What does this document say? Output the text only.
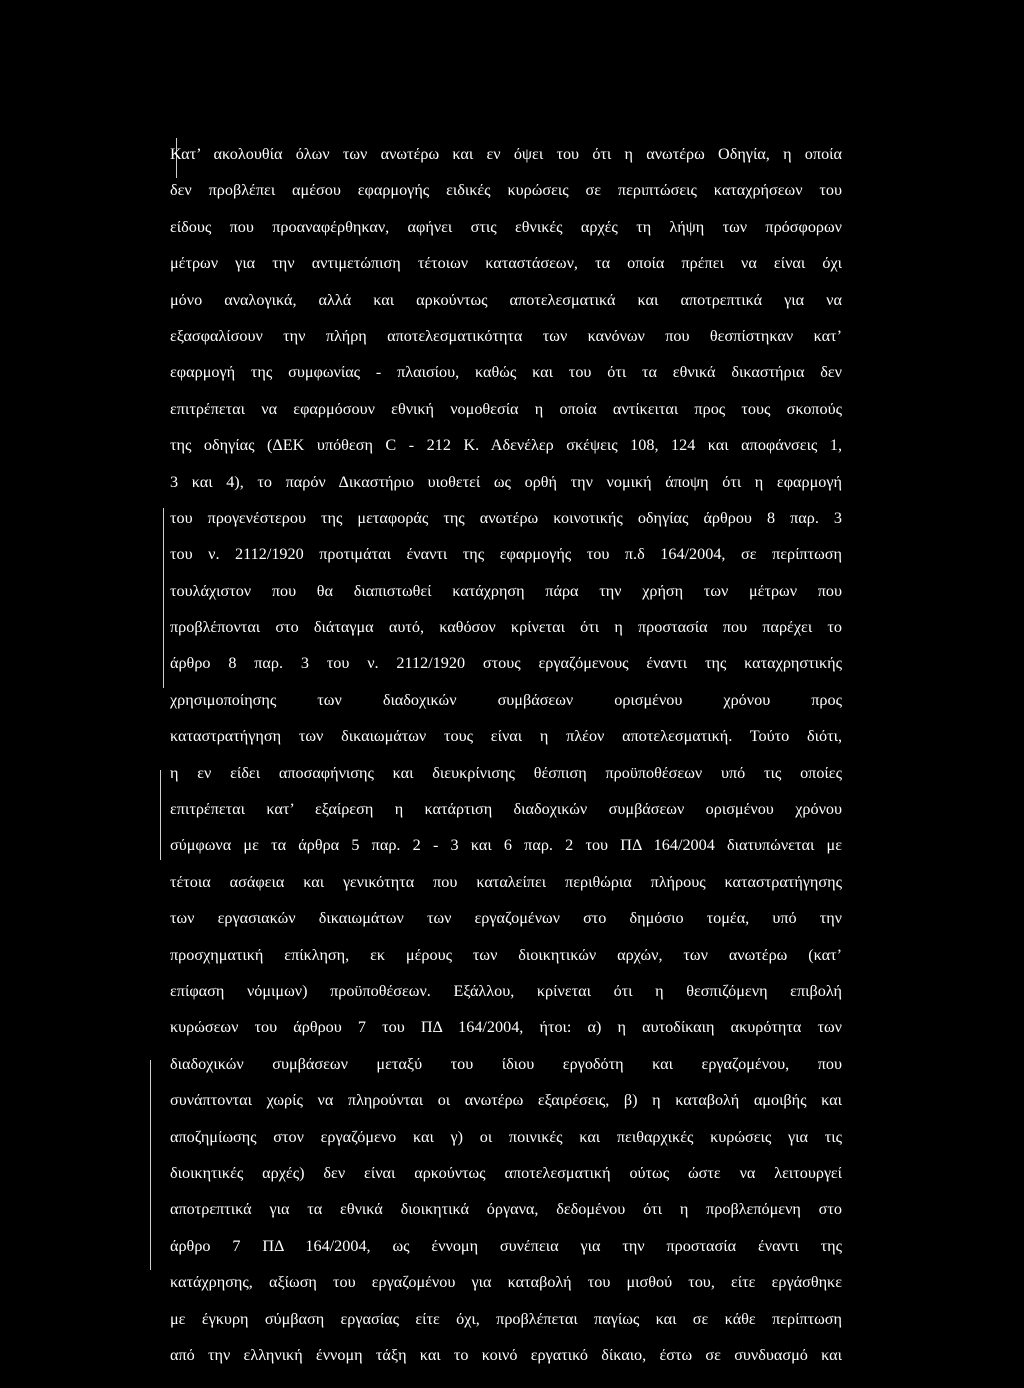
Κατ’ ακολουθία όλων των ανωτέρω και εν όψει του ότι η ανωτέρω Οδηγία, η οποία
δεν προβλέπει αμέσου εφαρμογής ειδικές κυρώσεις σε περιπτώσεις καταχρήσεων του
είδους που προαναφέρθηκαν, αφήνει στις εθνικές αρχές τη λήψη των πρόσφορων
μέτρων για την αντιμετώπιση τέτοιων καταστάσεων, τα οποία πρέπει να είναι όχι
μόνο αναλογικά, αλλά και αρκούντως αποτελεσματικά και αποτρεπτικά για να
εξασφαλίσουν την πλήρη αποτελεσματικότητα των κανόνων που θεσπίστηκαν κατ’
εφαρμογή της συμφωνίας - πλαισίου, καθώς και του ότι τα εθνικά δικαστήρια δεν
επιτρέπεται να εφαρμόσουν εθνική νομοθεσία η οποία αντίκειται προς τους σκοπούς
της οδηγίας (ΔΕΚ υπόθεση C - 212 Κ. Αδενέλερ σκέψεις 108, 124 και αποφάνσεις 1,
3 και 4), το παρόν Δικαστήριο υιοθετεί ως ορθή την νομική άποψη ότι η εφαρμογή
του προγενέστερου της μεταφοράς της ανωτέρω κοινοτικής οδηγίας άρθρου 8 παρ. 3
του ν. 2112/1920 προτιμάται έναντι της εφαρμογής του π.δ 164/2004, σε περίπτωση
τουλάχιστον που θα διαπιστωθεί κατάχρηση πάρα την χρήση των μέτρων που
προβλέπονται στο διάταγμα αυτό, καθόσον κρίνεται ότι η προστασία που παρέχει το
άρθρο 8 παρ. 3 του ν. 2112/1920 στους εργαζόμενους έναντι της καταχρηστικής
χρησιμοποίησης των διαδοχικών συμβάσεων ορισμένου χρόνου προς
καταστρατήγηση των δικαιωμάτων τους είναι η πλέον αποτελεσματική. Τούτο διότι,
η εν είδει αποσαφήνισης και διευκρίνισης θέσπιση προϋποθέσεων υπό τις οποίες
επιτρέπεται κατ’ εξαίρεση η κατάρτιση διαδοχικών συμβάσεων ορισμένου χρόνου
σύμφωνα με τα άρθρα 5 παρ. 2 - 3 και 6 παρ. 2 του ΠΔ 164/2004 διατυπώνεται με
τέτοια ασάφεια και γενικότητα που καταλείπει περιθώρια πλήρους καταστρατήγησης
των εργασιακών δικαιωμάτων των εργαζομένων στο δημόσιο τομέα, υπό την
προσχηματική επίκληση, εκ μέρους των διοικητικών αρχών, των ανωτέρω (κατ’
επίφαση νόμιμων) προϋποθέσεων. Εξάλλου, κρίνεται ότι η θεσπιζόμενη επιβολή
κυρώσεων του άρθρου 7 του ΠΔ 164/2004, ήτοι: α) η αυτοδίκαιη ακυρότητα των
διαδοχικών συμβάσεων μεταξύ του ίδιου εργοδότη και εργαζομένου, που
συνάπτονται χωρίς να πληρούνται οι ανωτέρω εξαιρέσεις, β) η καταβολή αμοιβής και
αποζημίωσης στον εργαζόμενο και γ) οι ποινικές και πειθαρχικές κυρώσεις για τις
διοικητικές αρχές) δεν είναι αρκούντως αποτελεσματική ούτως ώστε να λειτουργεί
αποτρεπτικά για τα εθνικά διοικητικά όργανα, δεδομένου ότι η προβλεπόμενη στο
άρθρο 7 ΠΔ 164/2004, ως έννομη συνέπεια για την προστασία έναντι της
κατάχρησης, αξίωση του εργαζομένου για καταβολή του μισθού του, είτε εργάσθηκε
με έγκυρη σύμβαση εργασίας είτε όχι, προβλέπεται παγίως και σε κάθε περίπτωση
από την ελληνική έννομη τάξη και το κοινό εργατικό δίκαιο, έστω σε συνδυασμό και
